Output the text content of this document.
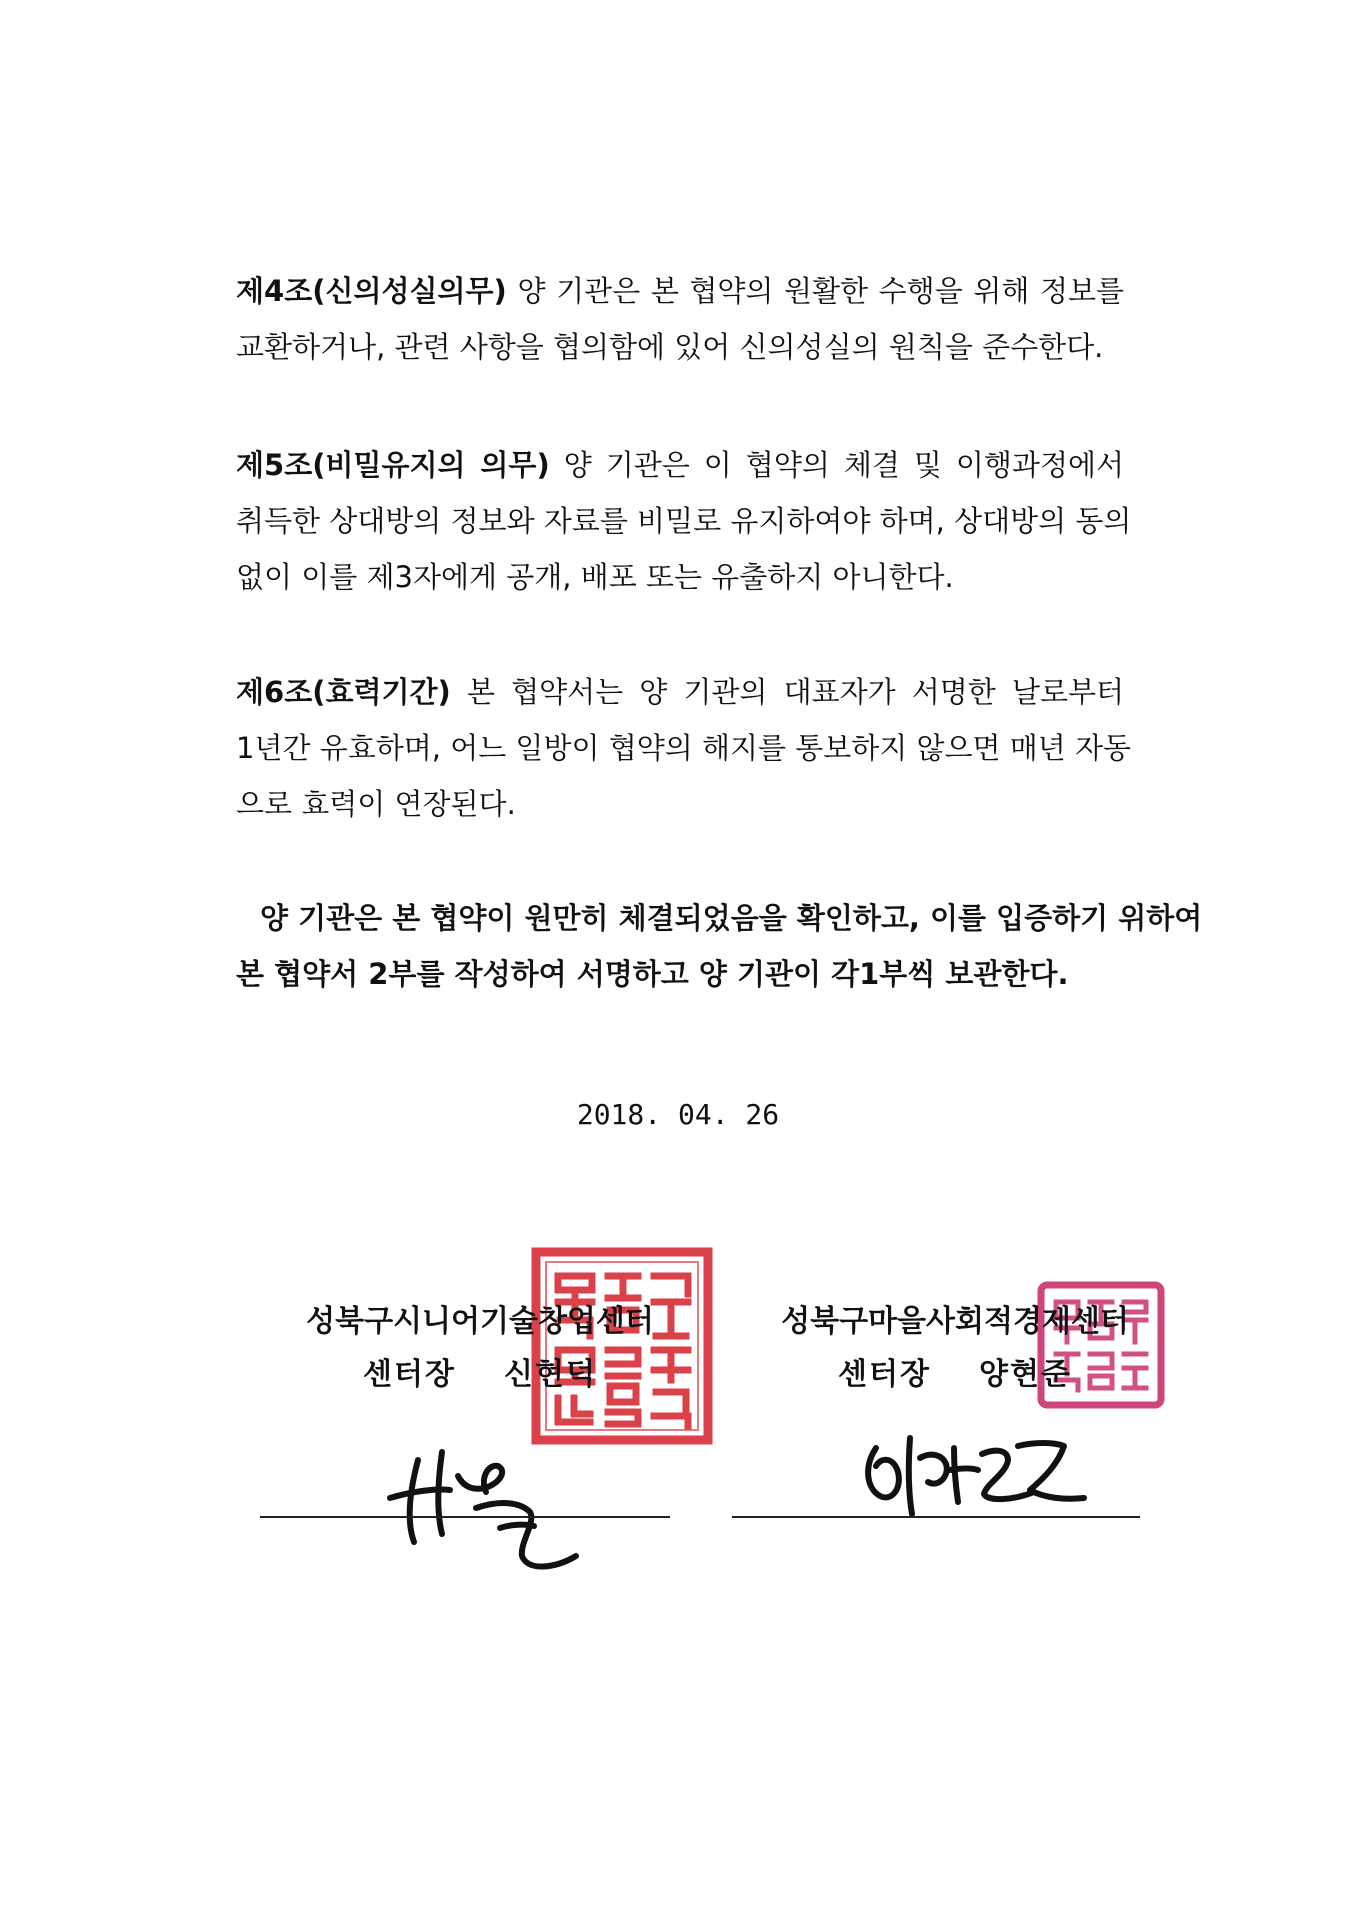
제4조(신의성실의무) 양 기관은 본 협약의 원활한 수행을 위해 정보를
교환하거나, 관련 사항을 협의함에 있어 신의성실의 원칙을 준수한다.
제5조(비밀유지의 의무) 양 기관은 이 협약의 체결 및 이행과정에서
취득한 상대방의 정보와 자료를 비밀로 유지하여야 하며, 상대방의 동의
없이 이를 제3자에게 공개, 배포 또는 유출하지 아니한다.
제6조(효력기간) 본 협약서는 양 기관의 대표자가 서명한 날로부터
1년간 유효하며, 어느 일방이 협약의 해지를 통보하지 않으면 매년 자동
으로 효력이 연장된다.
양 기관은 본 협약이 원만히 체결되었음을 확인하고, 이를 입증하기 위하여
본 협약서 2부를 작성하여 서명하고 양 기관이 각1부씩 보관한다.
2018. 04. 26
성북구시니어기술창업센터
센터장 신현덕
성북구마을사회적경제센터
센터장 양현준
